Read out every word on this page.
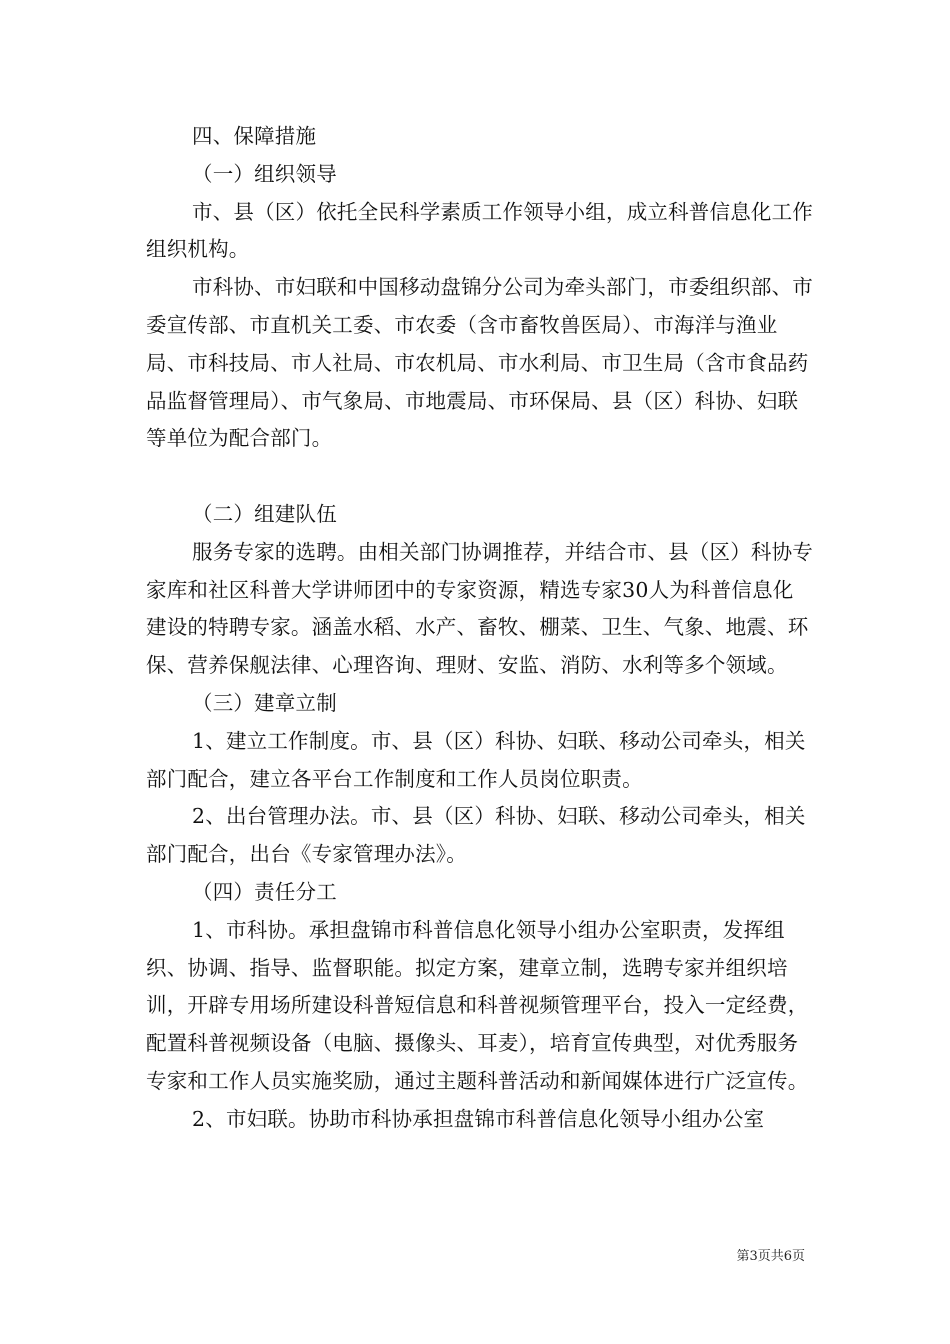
四、保障措施

（一）组织领导

市、县（区）依托全民科学素质工作领导小组，成立科普信息化工作组织机构。

市科协、市妇联和中国移动盘锦分公司为牵头部门，市委组织部、市委宣传部、市直机关工委、市农委（含市畜牧兽医局）、市海洋与渔业局、市科技局、市人社局、市农机局、市水利局、市卫生局（含市食品药品监督管理局）、市气象局、市地震局、市环保局、县（区）科协、妇联等单位为配合部门。

（二）组建队伍

服务专家的选聘。由相关部门协调推荐，并结合市、县（区）科协专家库和社区科普大学讲师团中的专家资源，精选专家30人为科普信息化建设的特聘专家。涵盖水稻、水产、畜牧、棚菜、卫生、气象、地震、环保、营养保舰法律、心理咨询、理财、安监、消防、水利等多个领域。

（三）建章立制

1、建立工作制度。市、县（区）科协、妇联、移动公司牵头，相关部门配合，建立各平台工作制度和工作人员岗位职责。

2、出台管理办法。市、县（区）科协、妇联、移动公司牵头，相关部门配合，出台《专家管理办法》。

（四）责任分工

1、市科协。承担盘锦市科普信息化领导小组办公室职责，发挥组织、协调、指导、监督职能。拟定方案，建章立制，选聘专家并组织培训，开辟专用场所建设科普短信息和科普视频管理平台，投入一定经费，配置科普视频设备（电脑、摄像头、耳麦），培育宣传典型，对优秀服务专家和工作人员实施奖励，通过主题科普活动和新闻媒体进行广泛宣传。

2、市妇联。协助市科协承担盘锦市科普信息化领导小组办公室

第3页共6页
